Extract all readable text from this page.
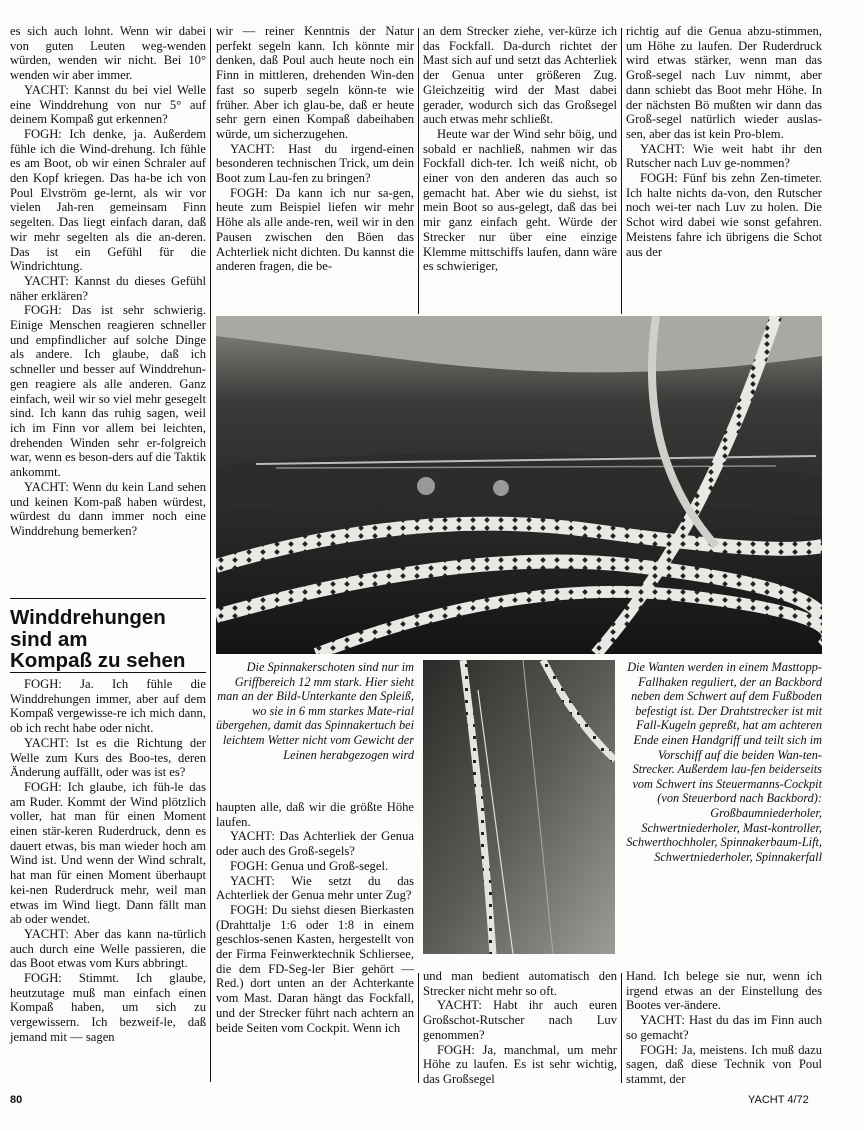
es sich auch lohnt. Wenn wir dabei von guten Leuten weg-wenden würden, wenden wir nicht. Bei 10° wenden wir aber immer.

YACHT: Kannst du bei viel Welle eine Winddrehung von nur 5° auf deinem Kompaß gut erkennen?

FOGH: Ich denke, ja. Außerdem fühle ich die Wind-drehung. Ich fühle es am Boot, ob wir einen Schraler auf den Kopf kriegen. Das ha-be ich von Poul Elvström ge-lernt, als wir vor vielen Jah-ren gemeinsam Finn segelten. Das liegt einfach daran, daß wir mehr segelten als die an-deren. Das ist ein Gefühl für die Windrichtung.

YACHT: Kannst du dieses Gefühl näher erklären?

FOGH: Das ist sehr schwierig. Einige Menschen reagieren schneller und empfindlicher auf solche Dinge als andere. Ich glaube, daß ich schneller und besser auf Winddrehun-gen reagiere als alle anderen. Ganz einfach, weil wir so viel mehr gesegelt sind. Ich kann das ruhig sagen, weil ich im Finn vor allem bei leichten, drehenden Winden sehr er-folgreich war, wenn es beson-ders auf die Taktik ankommt.

YACHT: Wenn du kein Land sehen und keinen Kom-paß haben würdest, würdest du dann immer noch eine Winddrehung bemerken?

Winddrehungen
sind am
Kompaß zu sehen

FOGH: Ja. Ich fühle die Winddrehungen immer, aber auf dem Kompaß vergewisse-re ich mich dann, ob ich recht habe oder nicht.

YACHT: Ist es die Richtung der Welle zum Kurs des Boo-tes, deren Änderung auffällt, oder was ist es?

FOGH: Ich glaube, ich füh-le das am Ruder. Kommt der Wind plötzlich voller, hat man für einen Moment einen stär-keren Ruderdruck, denn es dauert etwas, bis man wieder hoch am Wind ist. Und wenn der Wind schralt, hat man für einen Moment überhaupt kei-nen Ruderdruck mehr, weil man etwas im Wind liegt. Dann fällt man ab oder wendet.

YACHT: Aber das kann na-türlich auch durch eine Welle passieren, die das Boot etwas vom Kurs abbringt.

FOGH: Stimmt. Ich glaube, heutzutage muß man einfach einen Kompaß haben, um sich zu vergewissern. Ich bezweif-le, daß jemand mit — sagen

wir — reiner Kenntnis der Natur perfekt segeln kann. Ich könnte mir denken, daß Poul auch heute noch ein Finn in mittleren, drehenden Win-den fast so superb segeln könn-te wie früher. Aber ich glau-be, daß er heute sehr gern einen Kompaß dabeihaben würde, um sicherzugehen.

YACHT: Hast du irgend-einen besonderen technischen Trick, um dein Boot zum Lau-fen zu bringen?

FOGH: Da kann ich nur sa-gen, heute zum Beispiel liefen wir mehr Höhe als alle ande-ren, weil wir in den Pausen zwischen den Böen das Achterliek nicht dichten. Du kannst die anderen fragen, die be-

an dem Strecker ziehe, ver-kürze ich das Fockfall. Da-durch richtet der Mast sich auf und setzt das Achterliek der Genua unter größeren Zug. Gleichzeitig wird der Mast dabei gerader, wodurch sich das Großsegel auch etwas mehr schließt.

Heute war der Wind sehr böig, und sobald er nachließ, nahmen wir das Fockfall dich-ter. Ich weiß nicht, ob einer von den anderen das auch so gemacht hat. Aber wie du siehst, ist mein Boot so aus-gelegt, daß das bei mir ganz einfach geht. Würde der Strecker nur über eine einzige Klemme mittschiffs laufen, dann wäre es schwieriger,

richtig auf die Genua abzu-stimmen, um Höhe zu laufen. Der Ruderdruck wird etwas stärker, wenn man das Groß-segel nach Luv nimmt, aber dann schiebt das Boot mehr Höhe. In der nächsten Bö mußten wir dann das Groß-segel natürlich wieder auslas-sen, aber das ist kein Pro-blem.

YACHT: Wie weit habt ihr den Rutscher nach Luv ge-nommen?

FOGH: Fünf bis zehn Zen-timeter. Ich halte nichts da-von, den Rutscher noch wei-ter nach Luv zu holen. Die Schot wird dabei wie sonst gefahren. Meistens fahre ich übrigens die Schot aus der

Die Spinnakerschoten sind nur im Griffbereich 12 mm stark. Hier sieht man an der Bild-Unterkante den Spleiß, wo sie in 6 mm starkes Mate-rial übergehen, damit das Spinnakertuch bei leichtem Wetter nicht vom Gewicht der Leinen herabgezogen wird
Die Wanten werden in einem Masttopp-Fallhaken reguliert, der an Backbord neben dem Schwert auf dem Fußboden befestigt ist. Der Drahtstrecker ist mit Fall-Kugeln gepreßt, hat am achteren Ende einen Handgriff und teilt sich im Vorschiff auf die beiden Wan-ten-Strecker. Außerdem lau-fen beiderseits vom Schwert ins Steuermanns-Cockpit (von Steuerbord nach Backbord): Großbaumniederholer, Schwertniederholer, Mast-kontroller, Schwerthochholer, Spinnakerbaum-Lift, Schwertniederholer, Spinnakerfall

haupten alle, daß wir die größte Höhe laufen.

YACHT: Das Achterliek der Genua oder auch des Groß-segels?

FOGH: Genua und Groß-segel.

YACHT: Wie setzt du das Achterliek der Genua mehr unter Zug?

FOGH: Du siehst diesen Bierkasten (Drahttalje 1:6 oder 1:8 in einem geschlos-senen Kasten, hergestellt von der Firma Feinwerktechnik Schliersee, die dem FD-Seg-ler Bier gehört — Red.) dort unten an der Achterkante vom Mast. Daran hängt das Fockfall, und der Strecker führt nach achtern an beide Seiten vom Cockpit. Wenn ich

und man bedient automatisch den Strecker nicht mehr so oft.

YACHT: Habt ihr auch euren Großschot-Rutscher nach Luv genommen?

FOGH: Ja, manchmal, um mehr Höhe zu laufen. Es ist sehr wichtig, das Großsegel

Hand. Ich belege sie nur, wenn ich irgend etwas an der Einstellung des Bootes ver-ändere.

YACHT: Hast du das im Finn auch so gemacht?

FOGH: Ja, meistens. Ich muß dazu sagen, daß diese Technik von Poul stammt, der

80	YACHT 4/72
